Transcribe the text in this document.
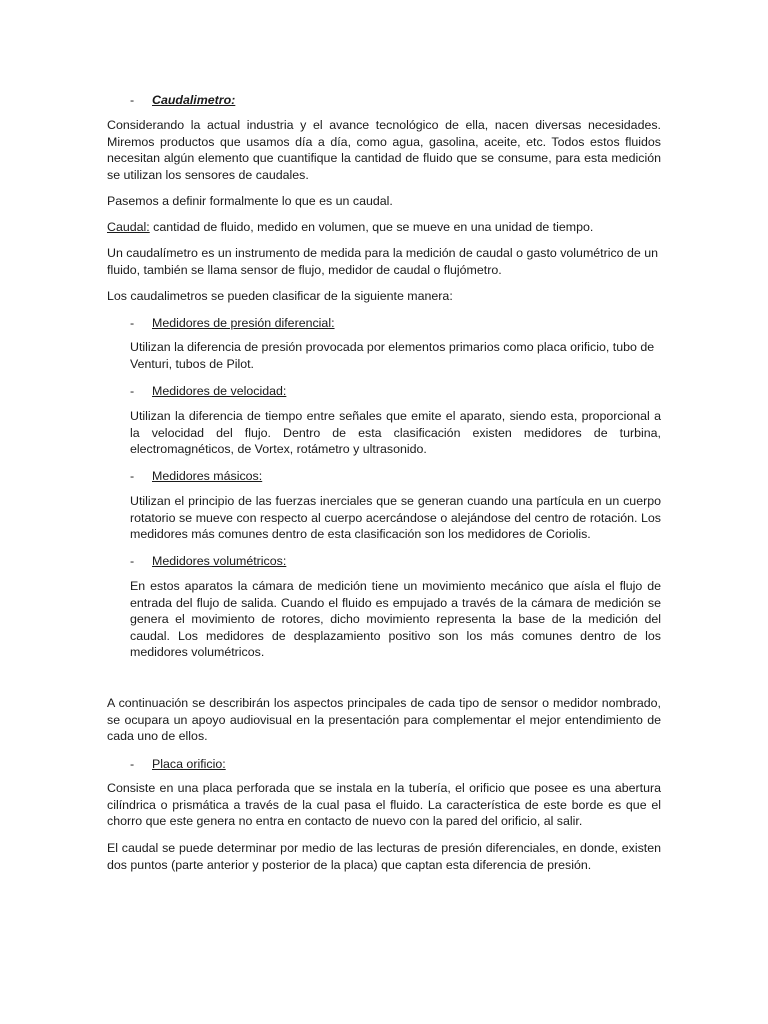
- Caudalimetro:

Considerando la actual industria y el avance tecnológico de ella, nacen diversas necesidades. Miremos productos que usamos día a día, como agua, gasolina, aceite, etc. Todos estos fluidos necesitan algún elemento que cuantifique la cantidad de fluido que se consume, para esta medición se utilizan los sensores de caudales.

Pasemos a definir formalmente lo que es un caudal.

Caudal: cantidad de fluido, medido en volumen, que se mueve en una unidad de tiempo.

Un caudalímetro es un instrumento de medida para la medición de caudal o gasto volumétrico de un fluido, también se llama sensor de flujo, medidor de caudal o flujómetro.

Los caudalimetros se pueden clasificar de la siguiente manera:

- Medidores de presión diferencial:

Utilizan la diferencia de presión provocada por elementos primarios como placa orificio, tubo de Venturi, tubos de Pilot.

- Medidores de velocidad:

Utilizan la diferencia de tiempo entre señales que emite el aparato, siendo esta, proporcional a la velocidad del flujo. Dentro de esta clasificación existen medidores de turbina, electromagnéticos, de Vortex, rotámetro y ultrasonido.

- Medidores másicos:

Utilizan el principio de las fuerzas inerciales que se generan cuando una partícula en un cuerpo rotatorio se mueve con respecto al cuerpo acercándose o alejándose del centro de rotación. Los medidores más comunes dentro de esta clasificación son los medidores de Coriolis.

- Medidores volumétricos:

En estos aparatos la cámara de medición tiene un movimiento mecánico que aísla el flujo de entrada del flujo de salida. Cuando el fluido es empujado a través de la cámara de medición se genera el movimiento de rotores, dicho movimiento representa la base de la medición del caudal. Los medidores de desplazamiento positivo son los más comunes dentro de los medidores volumétricos.

A continuación se describirán los aspectos principales de cada tipo de sensor o medidor nombrado, se ocupara un apoyo audiovisual en la presentación para complementar el mejor entendimiento de cada uno de ellos.

- Placa orificio:

Consiste en una placa perforada que se instala en la tubería, el orificio que posee es una abertura cilíndrica o prismática a través de la cual pasa el fluido. La característica de este borde es que el chorro que este genera no entra en contacto de nuevo con la pared del orificio, al salir.

El caudal se puede determinar por medio de las lecturas de presión diferenciales, en donde, existen dos puntos (parte anterior y posterior de la placa) que captan esta diferencia de presión.
